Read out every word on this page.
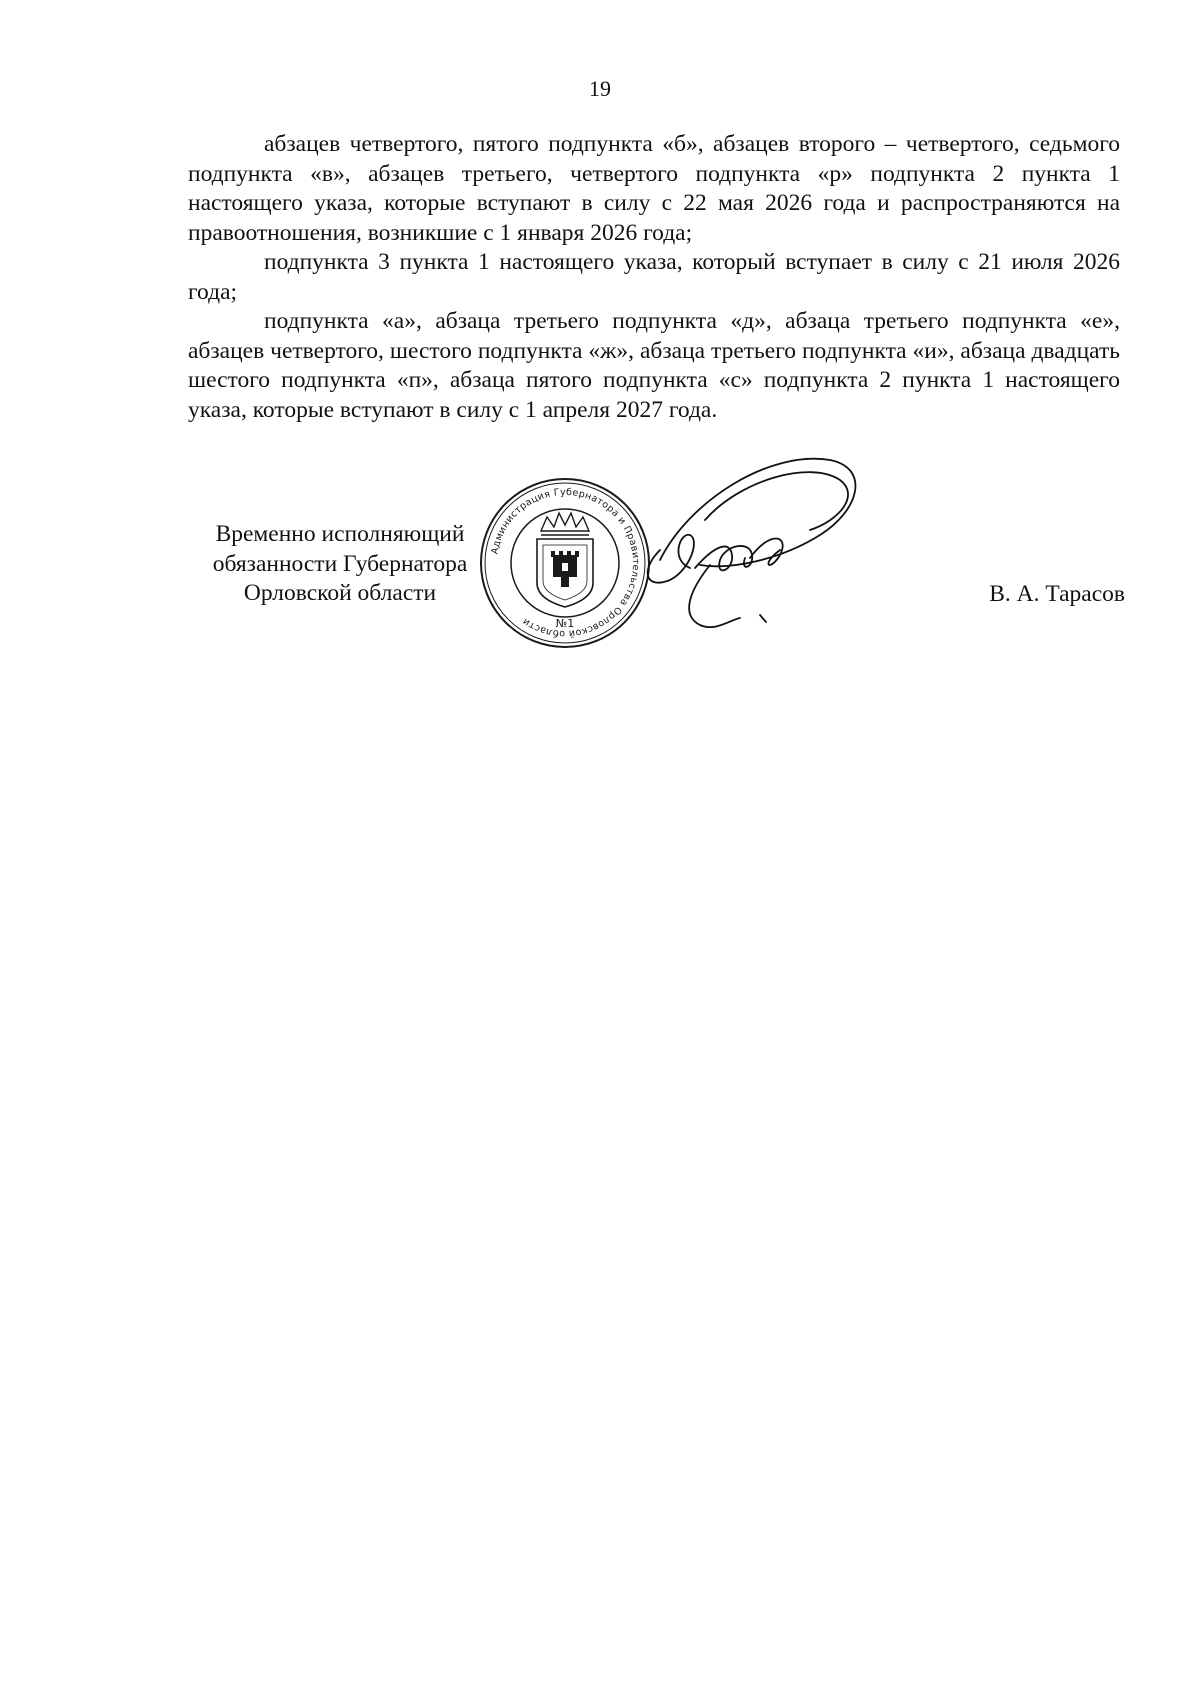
19

абзацев четвертого, пятого подпункта «б», абзацев второго – четвертого, седьмого подпункта «в», абзацев третьего, четвертого подпункта «р» подпункта 2 пункта 1 настоящего указа, которые вступают в силу с 22 мая 2026 года и распространяются на правоотношения, возникшие с 1 января 2026 года;

подпункта 3 пункта 1 настоящего указа, который вступает в силу с 21 июля 2026 года;

подпункта «а», абзаца третьего подпункта «д», абзаца третьего подпункта «е», абзацев четвертого, шестого подпункта «ж», абзаца третьего подпункта «и», абзаца двадцать шестого подпункта «п», абзаца пятого подпункта «с» подпункта 2 пункта 1 настоящего указа, которые вступают в силу с 1 апреля 2027 года.

Временно исполняющий
обязанности Губернатора
Орловской области
Администрация Губернатора и Правительства Орловской области	№1
В. А. Тарасов
